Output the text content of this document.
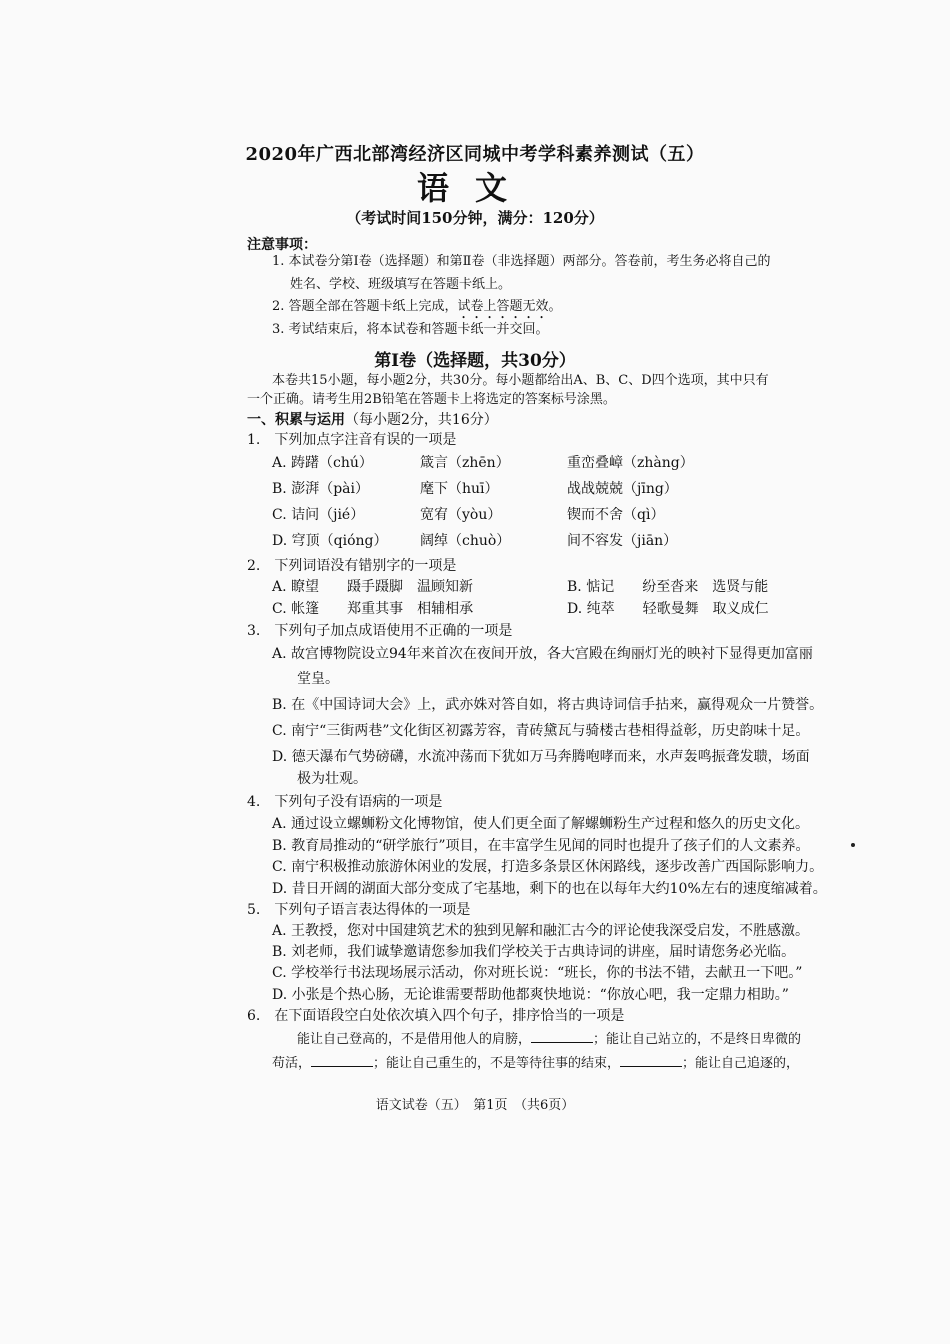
2020年广西北部湾经济区同城中考学科素养测试（五）
语文
（考试时间150分钟，满分：120分）
注意事项：
1. 本试卷分第Ⅰ卷（选择题）和第Ⅱ卷（非选择题）两部分。答卷前，考生务必将自己的
姓名、学校、班级填写在答题卡纸上。
2. 答题全部在答题卡纸上完成，试卷上答题无效。
3. 考试结束后，将本试卷和答题卡纸一并交回。
第Ⅰ卷（选择题，共30分）
本卷共15小题，每小题2分，共30分。每小题都给出A、B、C、D四个选项，其中只有
一个正确。请考生用2B铅笔在答题卡上将选定的答案标号涂黑。
一、积累与运用（每小题2分，共16分）
1.　下列加点字注音有误的一项是
A. 踌躇（chú）	箴言（zhēn）	重峦叠嶂（zhàng）
B. 澎湃（pài）	麾下（huī）	战战兢兢（jīng）
C. 诘问（jié）	宽宥（yòu）	锲而不舍（qì）
D. 穹顶（qióng） 阔绰（chuò）	间不容发（jiān）
2.　下列词语没有错别字的一项是
A. 瞭望　　蹑手蹑脚　温顾知新	B. 惦记　　纷至沓来　选贤与能
C. 帐篷　　郑重其事　相辅相承	D. 纯萃　　轻歌曼舞　取义成仁
3.　下列句子加点成语使用不正确的一项是
A. 故宫博物院设立94年来首次在夜间开放，各大宫殿在绚丽灯光的映衬下显得更加富丽
堂皇。
B. 在《中国诗词大会》上，武亦姝对答自如，将古典诗词信手拈来，赢得观众一片赞誉。
C. 南宁“三街两巷”文化街区初露芳容，青砖黛瓦与骑楼古巷相得益彰，历史韵味十足。
D. 德天瀑布气势磅礴，水流冲荡而下犹如万马奔腾咆哮而来，水声轰鸣振聋发聩，场面
极为壮观。
4.　下列句子没有语病的一项是
A. 通过设立螺蛳粉文化博物馆，使人们更全面了解螺蛳粉生产过程和悠久的历史文化。
B. 教育局推动的“研学旅行”项目，在丰富学生见闻的同时也提升了孩子们的人文素养。
C. 南宁积极推动旅游休闲业的发展，打造多条景区休闲路线，逐步改善广西国际影响力。
D. 昔日开阔的湖面大部分变成了宅基地，剩下的也在以每年大约10%左右的速度缩减着。
5.　下列句子语言表达得体的一项是
A. 王教授，您对中国建筑艺术的独到见解和融汇古今的评论使我深受启发，不胜感激。
B. 刘老师，我们诚挚邀请您参加我们学校关于古典诗词的讲座，届时请您务必光临。
C. 学校举行书法现场展示活动，你对班长说：“班长，你的书法不错，去献丑一下吧。”
D. 小张是个热心肠，无论谁需要帮助他都爽快地说：“你放心吧，我一定鼎力相助。”
6.　在下面语段空白处依次填入四个句子，排序恰当的一项是
能让自己登高的，不是借用他人的肩膀，	；能让自己站立的，不是终日卑微的
苟活，	；能让自己重生的，不是等待往事的结束，	；能让自己追逐的，
语文试卷（五）　第1页　（共6页）
